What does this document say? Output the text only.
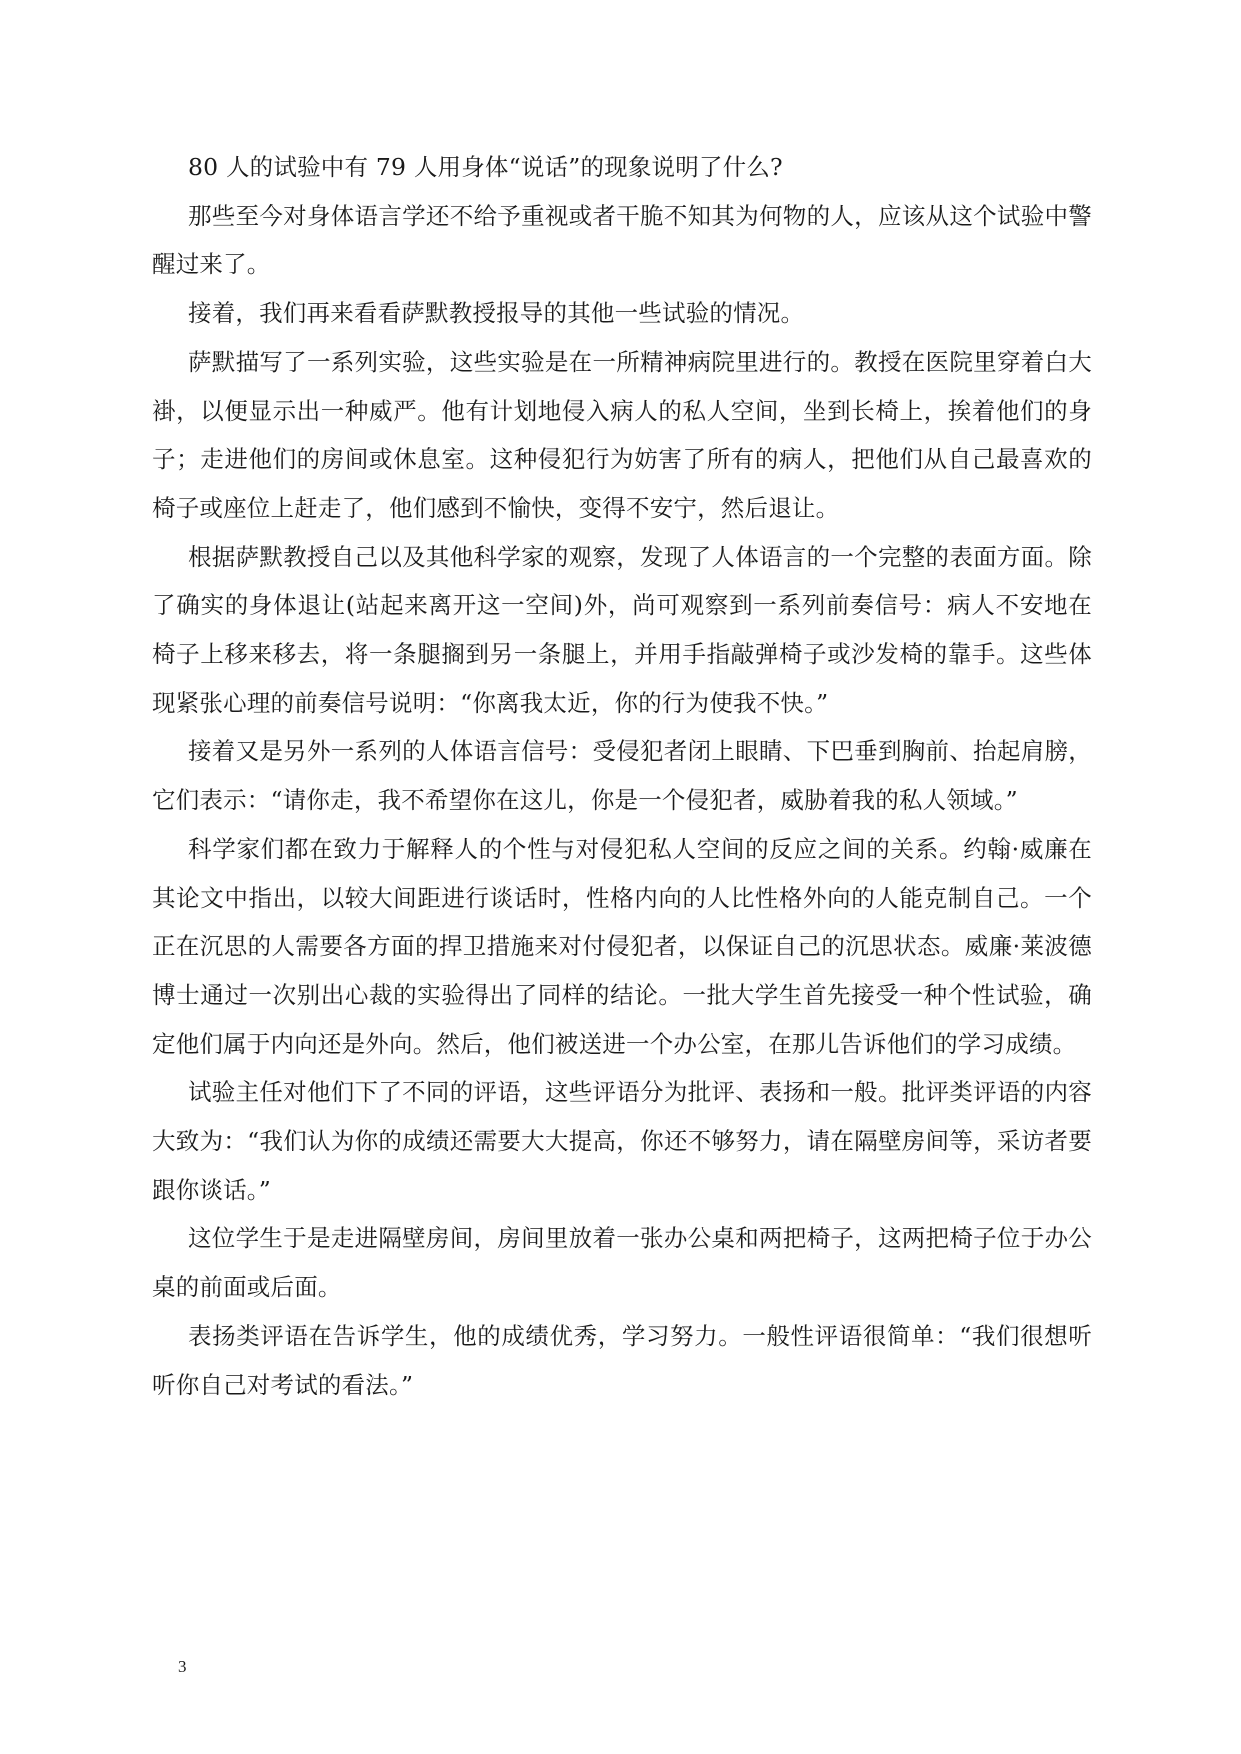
80 人的试验中有 79 人用身体“说话”的现象说明了什么?

那些至今对身体语言学还不给予重视或者干脆不知其为何物的人，应该从这个试验中警醒过来了。

接着，我们再来看看萨默教授报导的其他一些试验的情况。

萨默描写了一系列实验，这些实验是在一所精神病院里进行的。教授在医院里穿着白大褂，以便显示出一种威严。他有计划地侵入病人的私人空间，坐到长椅上，挨着他们的身子；走进他们的房间或休息室。这种侵犯行为妨害了所有的病人，把他们从自己最喜欢的椅子或座位上赶走了，他们感到不愉快，变得不安宁，然后退让。

根据萨默教授自己以及其他科学家的观察，发现了人体语言的一个完整的表面方面。除了确实的身体退让(站起来离开这一空间)外，尚可观察到一系列前奏信号：病人不安地在椅子上移来移去，将一条腿搁到另一条腿上，并用手指敲弹椅子或沙发椅的靠手。这些体现紧张心理的前奏信号说明：“你离我太近，你的行为使我不快。”

接着又是另外一系列的人体语言信号：受侵犯者闭上眼睛、下巴垂到胸前、抬起肩膀，它们表示：“请你走，我不希望你在这儿，你是一个侵犯者，威胁着我的私人领域。”

科学家们都在致力于解释人的个性与对侵犯私人空间的反应之间的关系。约翰·威廉在其论文中指出，以较大间距进行谈话时，性格内向的人比性格外向的人能克制自己。一个正在沉思的人需要各方面的捍卫措施来对付侵犯者，以保证自己的沉思状态。威廉·莱波德博士通过一次别出心裁的实验得出了同样的结论。一批大学生首先接受一种个性试验，确定他们属于内向还是外向。然后，他们被送进一个办公室，在那儿告诉他们的学习成绩。

试验主任对他们下了不同的评语，这些评语分为批评、表扬和一般。批评类评语的内容大致为：“我们认为你的成绩还需要大大提高，你还不够努力，请在隔壁房间等，采访者要跟你谈话。”

这位学生于是走进隔壁房间，房间里放着一张办公桌和两把椅子，这两把椅子位于办公桌的前面或后面。

表扬类评语在告诉学生，他的成绩优秀，学习努力。一般性评语很简单：“我们很想听听你自己对考试的看法。”

3
